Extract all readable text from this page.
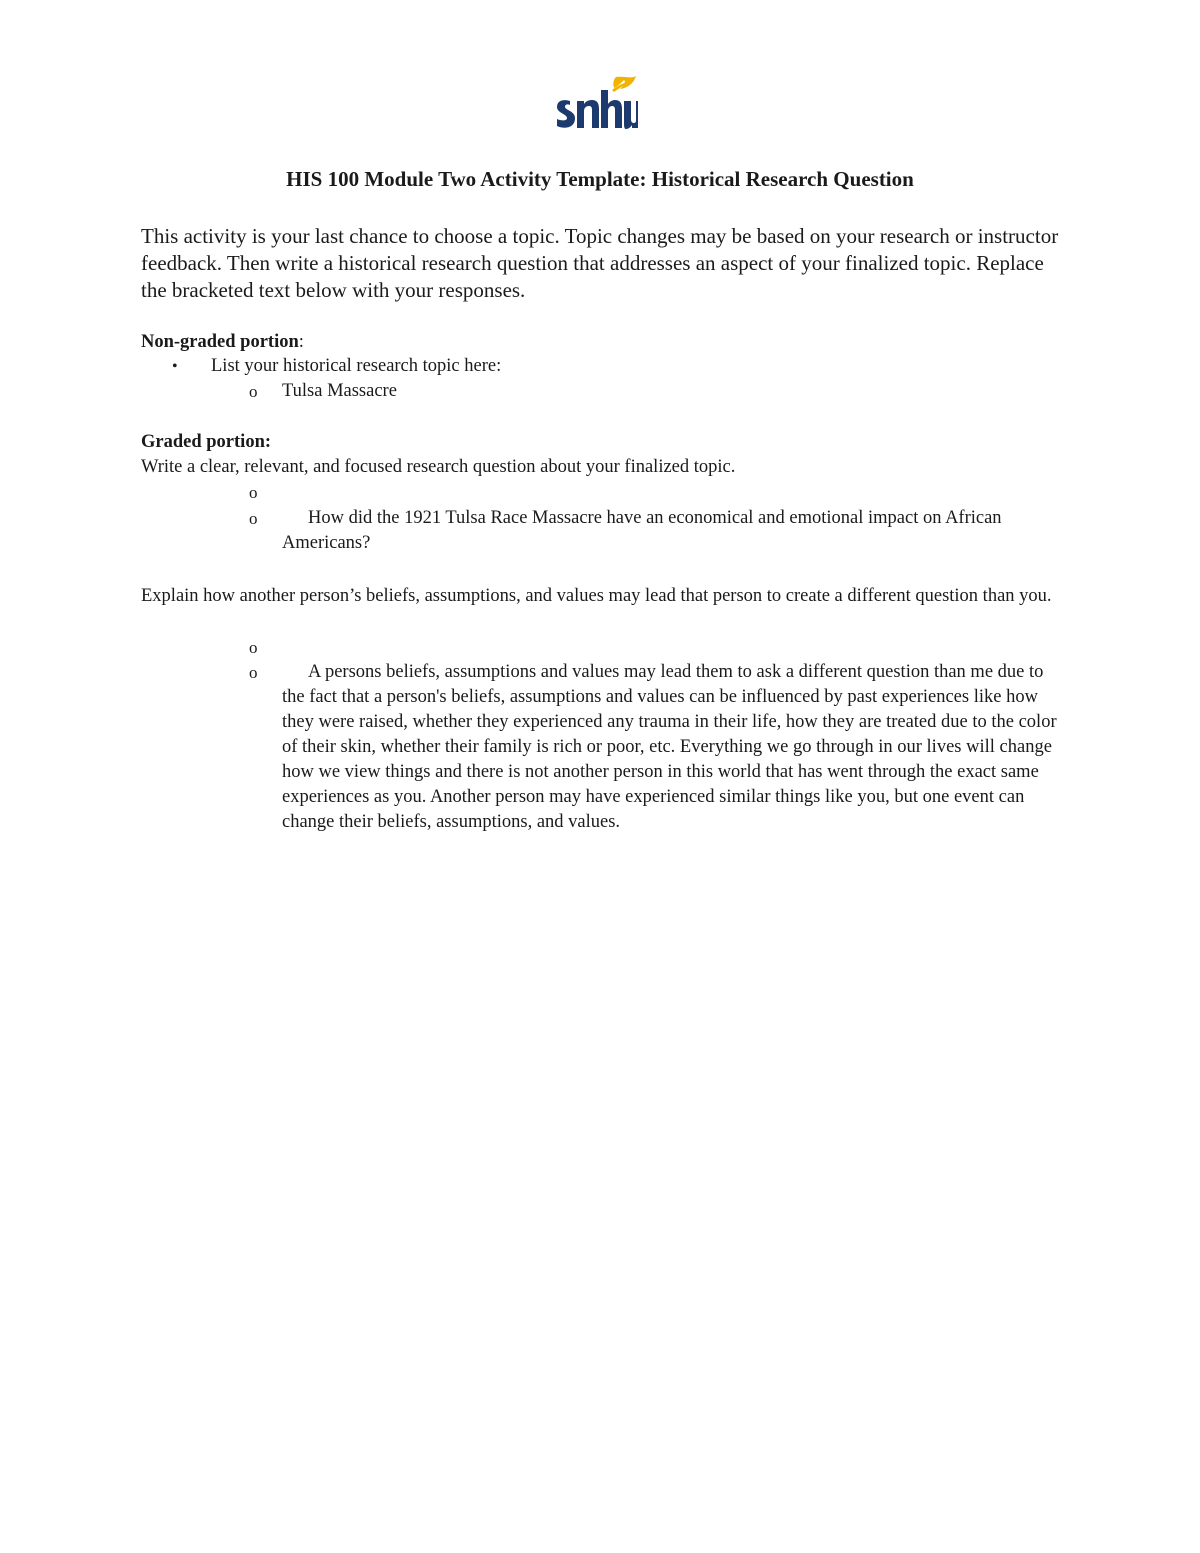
HIS 100 Module Two Activity Template: Historical Research Question
This activity is your last chance to choose a topic. Topic changes may be based on your research or instructor feedback. Then write a historical research question that addresses an aspect of your finalized topic. Replace the bracketed text below with your responses.
Non-graded portion:
• List your historical research topic here:
o Tulsa Massacre
Graded portion:
Write a clear, relevant, and focused research question about your finalized topic.
o
o	How did the 1921 Tulsa Race Massacre have an economical and emotional impact on African Americans?
Explain how another person’s beliefs, assumptions, and values may lead that person to create a different question than you.
o
o	A persons beliefs, assumptions and values may lead them to ask a different question than me due to the fact that a person's beliefs, assumptions and values can be influenced by past experiences like how they were raised, whether they experienced any trauma in their life, how they are treated due to the color of their skin, whether their family is rich or poor, etc. Everything we go through in our lives will change how we view things and there is not another person in this world that has went through the exact same experiences as you. Another person may have experienced similar things like you, but one event can change their beliefs, assumptions, and values.
